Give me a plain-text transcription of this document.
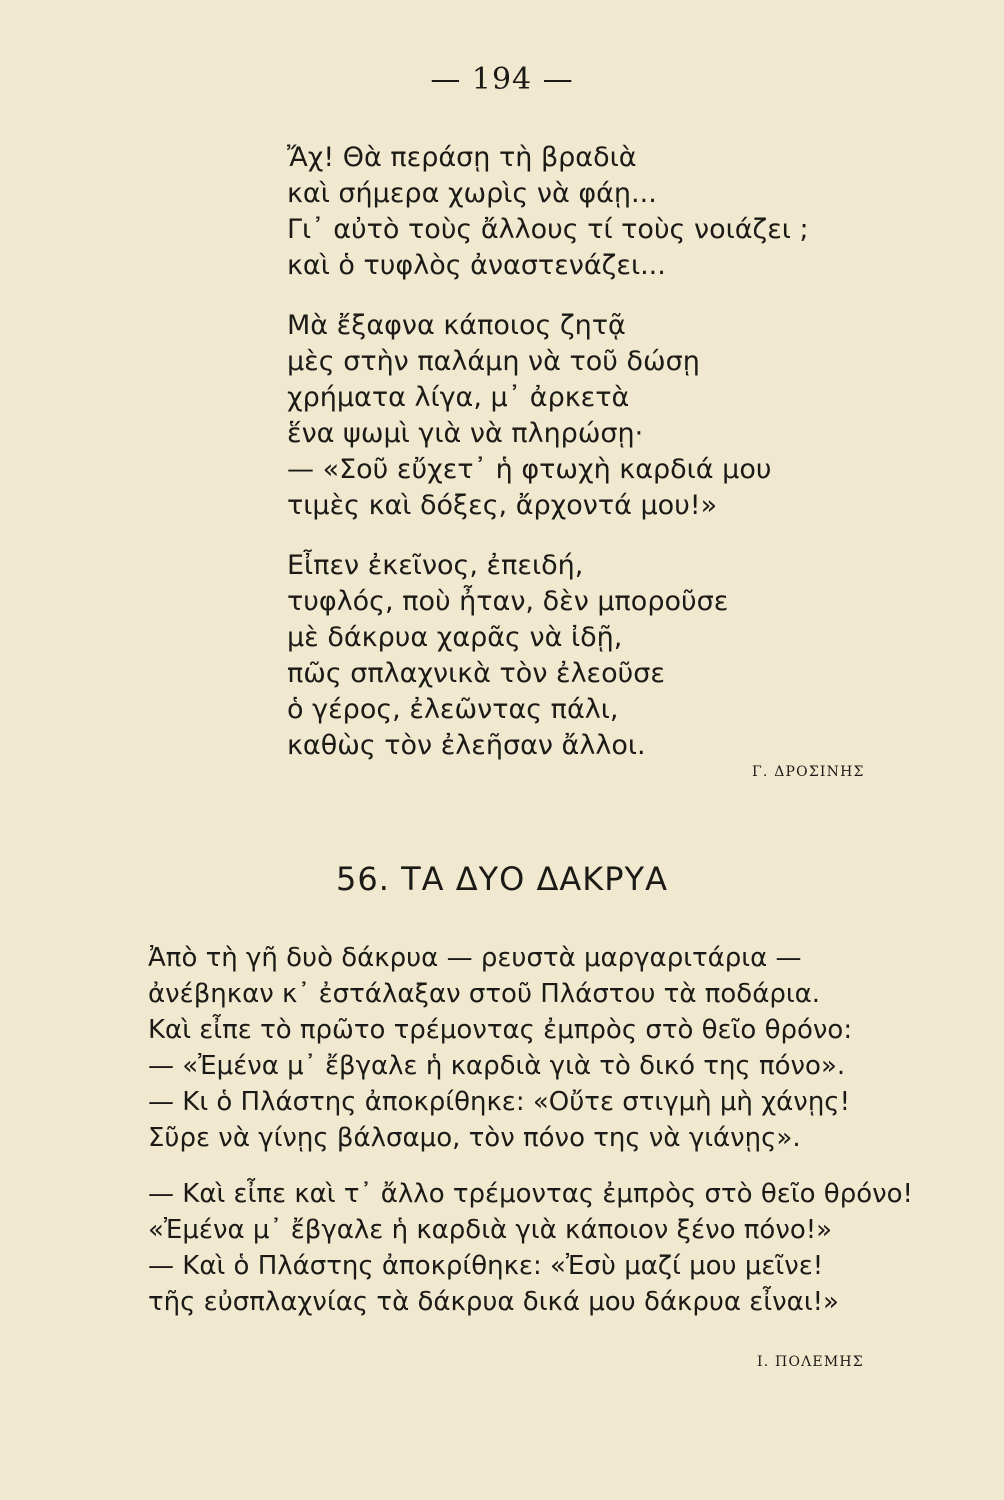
— 194 —
Ἄχ! Θὰ περάσῃ τὴ βραδιὰ
καὶ σήμερα χωρὶς νὰ φάῃ...
Γι᾽ αὐτὸ τοὺς ἄλλους τί τοὺς νοιάζει ;
καὶ ὁ τυφλὸς ἀναστενάζει...
Μὰ ἔξαφνα κάποιος ζητᾷ
μὲς στὴν παλάμη νὰ τοῦ δώσῃ
χρήματα λίγα, μ᾽ ἀρκετὰ
ἕνα ψωμὶ γιὰ νὰ πληρώσῃ·
— «Σοῦ εὔχετ᾽ ἡ φτωχὴ καρδιά μου
τιμὲς καὶ δόξες, ἄρχοντά μου!»
Εἶπεν ἐκεῖνος, ἐπειδή,
τυφλός, ποὺ ἦταν, δὲν μποροῦσε
μὲ δάκρυα χαρᾶς νὰ ἰδῇ,
πῶς σπλαχνικὰ τὸν ἐλεοῦσε
ὁ γέρος, ἐλεῶντας πάλι,
καθὼς τὸν ἐλεῆσαν ἄλλοι.
Γ. ΔΡΟΣΙΝΗΣ
56. ΤΑ ΔΥΟ ΔΑΚΡΥΑ
Ἀπὸ τὴ γῆ δυὸ δάκρυα — ρευστὰ μαργαριτάρια —
ἀνέβηκαν κ᾽ ἐστάλαξαν στοῦ Πλάστου τὰ ποδάρια.
Καὶ εἶπε τὸ πρῶτο τρέμοντας ἐμπρὸς στὸ θεῖο θρόνο:
— «Ἐμένα μ᾽ ἔβγαλε ἡ καρδιὰ γιὰ τὸ δικό της πόνο».
— Κι ὁ Πλάστης ἀποκρίθηκε: «Οὔτε στιγμὴ μὴ χάνῃς!
Σῦρε νὰ γίνῃς βάλσαμο, τὸν πόνο της νὰ γιάνῃς».
— Καὶ εἶπε καὶ τ᾽ ἄλλο τρέμοντας ἐμπρὸς στὸ θεῖο θρόνο!
«Ἐμένα μ᾽ ἔβγαλε ἡ καρδιὰ γιὰ κάποιον ξένο πόνο!»
— Καὶ ὁ Πλάστης ἀποκρίθηκε: «Ἐσὺ μαζί μου μεῖνε!
τῆς εὐσπλαχνίας τὰ δάκρυα δικά μου δάκρυα εἶναι!»
Ι. ΠΟΛΕΜΗΣ
